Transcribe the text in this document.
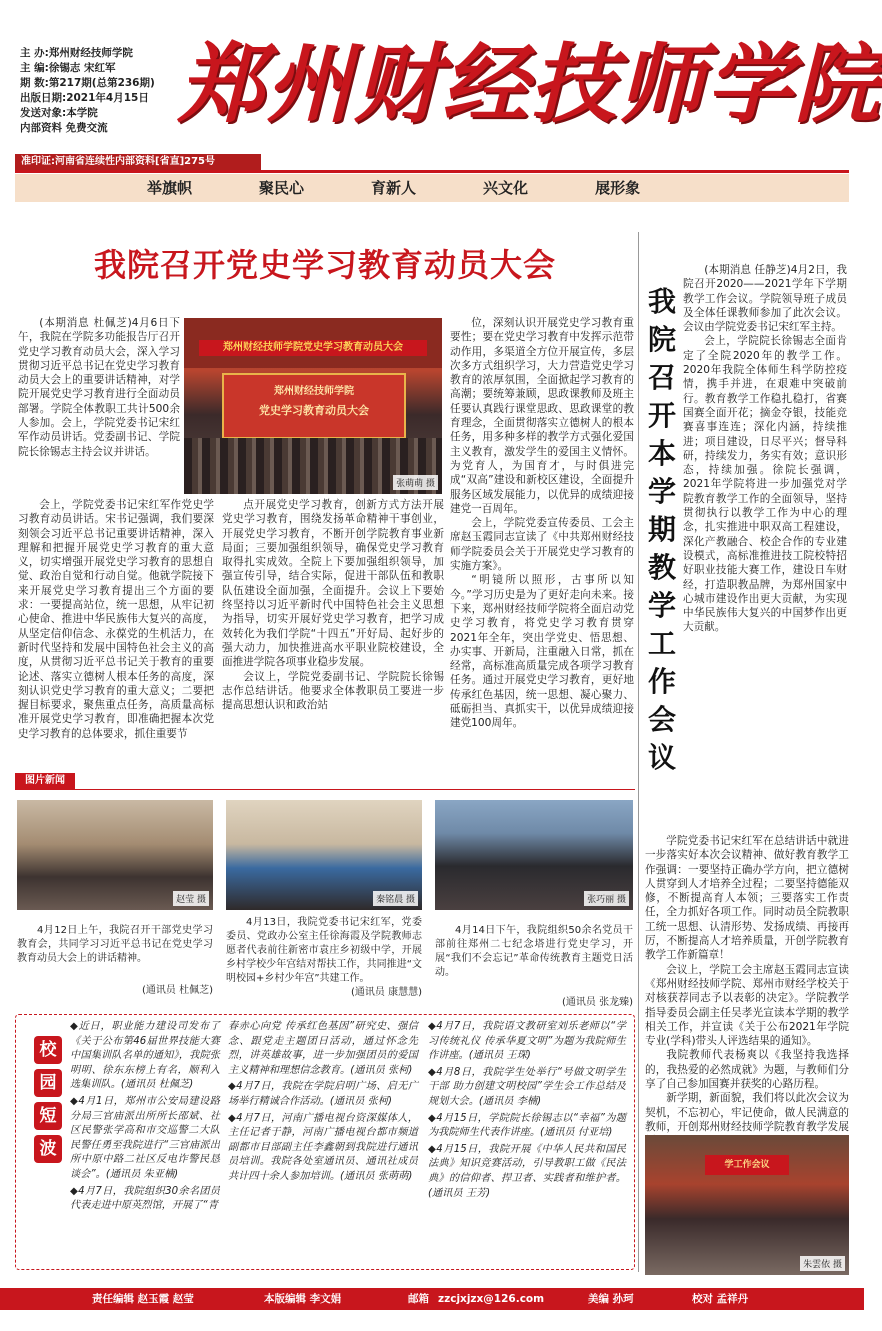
主 办:郑州财经技师学院
主 编:徐锡志 宋红军
期 数:第217期(总第236期)
出版日期:2021年4月15日
发送对象:本学院
内部资料 免费交流
准印证:河南省连续性内部资料[省直]275号
郑州财经技师学院
举旗帜	聚民心	育新人	兴文化	展形象
我院召开党史学习教育动员大会

(本期消息 杜佩芝)4月6日下午，我院在学院多功能报告厅召开党史学习教育动员大会，深入学习贯彻习近平总书记在党史学习教育动员大会上的重要讲话精神，对学院开展党史学习教育进行全面动员部署。学院全体教职工共计500余人参加。会上，学院党委书记宋红军作动员讲话。党委副书记、学院院长徐锡志主持会议并讲话。

郑州财经技师学院党史学习教育动员大会
郑州财经技师学院
党史学习教育动员大会
张萌萌 摄

会上，学院党委书记宋红军作党史学习教育动员讲话。宋书记强调，我们要深刻领会习近平总书记重要讲话精神，深入理解和把握开展党史学习教育的重大意义，切实增强开展党史学习教育的思想自觉、政治自觉和行动自觉。他就学院接下来开展党史学习教育提出三个方面的要求：一要提高站位，统一思想，从牢记初心使命、推进中华民族伟大复兴的高度，从坚定信仰信念、永葆党的生机活力，在新时代坚持和发展中国特色社会主义的高度，从贯彻习近平总书记关于教育的重要论述、落实立德树人根本任务的高度，深刻认识党史学习教育的重大意义；二要把握目标要求，聚焦重点任务，高质量高标准开展党史学习教育，即准确把握本次党史学习教育的总体要求，抓住重要节

点开展党史学习教育，创新方式方法开展党史学习教育，围绕发扬革命精神干事创业，开展党史学习教育，不断开创学院教育事业新局面；三要加强组织领导，确保党史学习教育取得扎实成效。全院上下要加强组织领导，加强宣传引导，结合实际，促进干部队伍和教职队伍建设全面加强，全面提升。会议上下要始终坚持以习近平新时代中国特色社会主义思想为指导，切实开展好党史学习教育，把学习成效转化为我们学院“十四五”开好局、起好步的强大动力，加快推进高水平职业院校建设，全面推进学院各项事业稳步发展。

会议上，学院党委副书记、学院院长徐锡志作总结讲话。他要求全体教职员工要进一步提高思想认识和政治站

位，深刻认识开展党史学习教育重要性；要在党史学习教育中发挥示范带动作用，多渠道全方位开展宣传，多层次多方式组织学习，大力营造党史学习教育的浓厚氛围，全面掀起学习教育的高潮；要统筹兼顾，思政课教师及班主任要认真践行课堂思政、思政课堂的教育理念，全面贯彻落实立德树人的根本任务，用多种多样的教学方式强化爱国主义教育，激发学生的爱国主义情怀。为党育人，为国育才，与时俱进完成“双高”建设和新校区建设，全面提升服务区域发展能力，以优异的成绩迎接建党一百周年。

会上，学院党委宣传委员、工会主席赵玉霞同志宣读了《中共郑州财经技师学院委员会关于开展党史学习教育的实施方案》。

“明镜所以照形，古事所以知今。”学习历史是为了更好走向未来。接下来，郑州财经技师学院将全面启动党史学习教育，将党史学习教育贯穿2021年全年，突出学党史、悟思想、办实事、开新局，注重融入日常，抓在经常，高标准高质量完成各项学习教育任务。通过开展党史学习教育，更好地传承红色基因，统一思想、凝心聚力、砥砺担当、真抓实干，以优异成绩迎接建党100周年。

图片新闻
赵莹 摄	秦铭晨 摄	张巧丽 摄
4月12日上午，我院召开干部党史学习教育会，共同学习习近平总书记在党史学习教育动员大会上的讲话精神。
(通讯员 杜佩芝)
4月13日，我院党委书记宋红军，党委委员、党政办公室主任徐海霞及学院教师志愿者代表前往新密市袁庄乡初级中学，开展乡村学校少年宫结对帮扶工作，共同推进“文明校园+乡村少年宫”共建工作。
(通讯员 康慧慧)
4月14日下午，我院组织50余名党员干部前往郑州二七纪念塔进行党史学习，开展“我们不会忘记”革命传统教育主题党日活动。
(通讯员 张龙臻)
校
园
短
波

◆近日，职业能力建设司发布了《关于公布第46届世界技能大赛中国集训队名单的通知》，我院张明明、徐东东榜上有名，顺利入选集训队。(通讯员 杜佩芝)

◆4月1日，郑州市公安局建设路分局三官庙派出所所长邵斌、社区民警张学高和市交巡警二大队民警任勇至我院进行“三官庙派出所中原中路二社区反电诈警民恳谈会”。(通讯员 朱亚楠)

◆4月7日，我院组织30余名团员代表走进中原英烈馆，开展了“青

春赤心向党 传承红色基因”研究史、强信念、跟党走主题团日活动，通过怀念先烈，讲英雄故事，进一步加强团员的爱国主义精神和理想信念教育。(通讯员 张柯)

◆4月7日，我院在学院启明广场、启无广场举行精诚合作活动。(通讯员 张柯)

◆4月7日，河南广播电视台资深媒体人，主任记者于静，河南广播电视台都市频道副都市目部副主任李鑫朝到我院进行通讯员培训。我院各处室通讯员、通讯社成员共计四十余人参加培训。(通讯员 张萌萌)

◆4月7日，我院语文教研室刘乐老师以“学习传统礼仪 传承华夏文明”为题为我院师生作讲座。(通讯员 王琛)

◆4月8日，我院学生处举行“号做文明学生干部 助力创建文明校园”学生会工作总结及规划大会。(通讯员 李楠)

◆4月15日，学院院长徐锡志以“幸福”为题为我院师生代表作讲座。(通讯员 付亚培)

◆4月15日，我院开展《中华人民共和国民法典》知识竞赛活动，引导教职工做《民法典》的信仰者、捍卫者、实践者和维护者。(通讯员 王芳)

我院召开本学期教学工作会议

(本期消息 任静芝)4月2日，我院召开2020——2021学年下学期教学工作会议。学院领导班子成员及全体任课教师参加了此次会议。会议由学院党委书记宋红军主持。

会上，学院院长徐锡志全面肯定了全院2020年的教学工作。2020年我院全体师生科学防控疫情，携手并进，在艰难中突破前行。教育教学工作稳扎稳打，省赛国赛全面开花；摘金夺银，技能竞赛喜事连连；深化内涵，持续推进；项目建设，日尽平兴；督导科研，持续发力，务实有效；意识形态，持续加强。徐院长强调，2021年学院将进一步加强党对学院教育教学工作的全面领导，坚持贯彻执行以教学工作为中心的理念，扎实推进中职双高工程建设，深化产教融合、校企合作的专业建设模式，高标准推进技工院校特招好职业技能大赛工作，建设日车财经，打造职教品牌，为郑州国家中心城市建设作出更大贡献，为实现中华民族伟大复兴的中国梦作出更大贡献。

学院党委书记宋红军在总结讲话中就进一步落实好本次会议精神、做好教育教学工作强调：一要坚持正确办学方向，把立德树人贯穿到人才培养全过程；二要坚持德能双修，不断提高育人本领；三要落实工作责任，全力抓好各项工作。同时动员全院教职工统一思想、认清形势、发扬成绩、再接再厉，不断提高人才培养质量，开创学院教育教学工作新篇章！

会议上，学院工会主席赵玉霞同志宣读《郑州财经技师学院、郑州市财经学校关于对核获荐同志予以表彰的决定》。学院教学指导委员会副主任吴孝光宣读本学期的教学相关工作，并宣读《关于公布2021年学院专业(学科)带头人评选结果的通知》。

我院教师代表杨爽以《我坚持我选择的，我热爱的必然成就》为题，与教师们分享了自己参加国赛并获奖的心路历程。

新学期，新面貌，我们将以此次会议为契机，不忘初心，牢记使命，做人民满意的教师，开创郑州财经技师学院教育教学发展

学工作会议
朱雲依 摄
责任编辑 赵玉霞 赵莹	本版编辑 李文娟	邮箱 zzcjxjzx@126.com	美编 孙珂	校对 孟祥丹
